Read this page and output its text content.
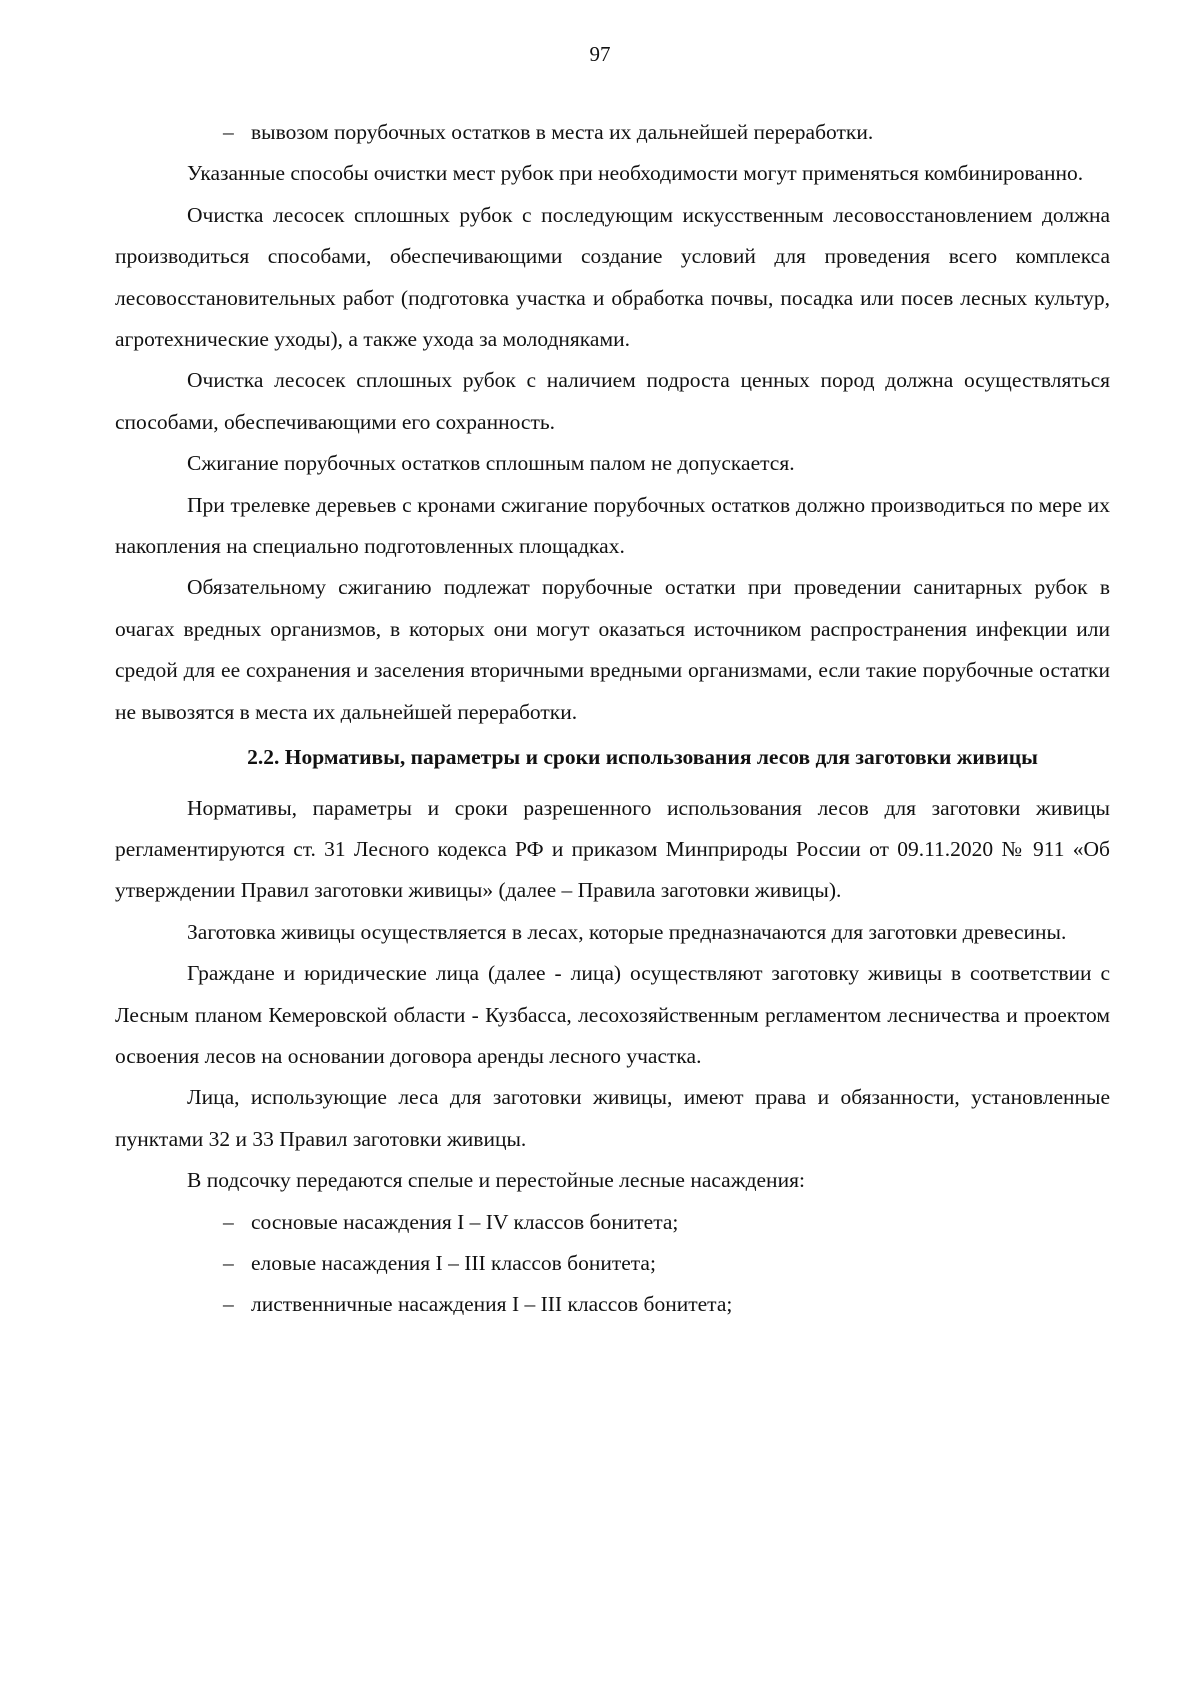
97
– вывозом порубочных остатков в места их дальнейшей переработки.

Указанные способы очистки мест рубок при необходимости могут применяться комбинированно.

Очистка лесосек сплошных рубок с последующим искусственным лесовосстановлением должна производиться способами, обеспечивающими создание условий для проведения всего комплекса лесовосстановительных работ (подготовка участка и обработка почвы, посадка или посев лесных культур, агротехнические уходы), а также ухода за молодняками.

Очистка лесосек сплошных рубок с наличием подроста ценных пород должна осуществляться способами, обеспечивающими его сохранность.

Сжигание порубочных остатков сплошным палом не допускается.

При трелевке деревьев с кронами сжигание порубочных остатков должно производиться по мере их накопления на специально подготовленных площадках.

Обязательному сжиганию подлежат порубочные остатки при проведении санитарных рубок в очагах вредных организмов, в которых они могут оказаться источником распространения инфекции или средой для ее сохранения и заселения вторичными вредными организмами, если такие порубочные остатки не вывозятся в места их дальнейшей переработки.

2.2. Нормативы, параметры и сроки использования лесов для заготовки живицы

Нормативы, параметры и сроки разрешенного использования лесов для заготовки живицы регламентируются ст. 31 Лесного кодекса РФ и приказом Минприроды России от 09.11.2020 № 911 «Об утверждении Правил заготовки живицы» (далее – Правила заготовки живицы).

Заготовка живицы осуществляется в лесах, которые предназначаются для заготовки древесины.

Граждане и юридические лица (далее - лица) осуществляют заготовку живицы в соответствии с Лесным планом Кемеровской области - Кузбасса, лесохозяйственным регламентом лесничества и проектом освоения лесов на основании договора аренды лесного участка.

Лица, использующие леса для заготовки живицы, имеют права и обязанности, установленные пунктами 32 и 33 Правил заготовки живицы.

В подсочку передаются спелые и перестойные лесные насаждения:

– сосновые насаждения I – IV классов бонитета;
– еловые насаждения I – III классов бонитета;
– лиственничные насаждения I – III классов бонитета;
